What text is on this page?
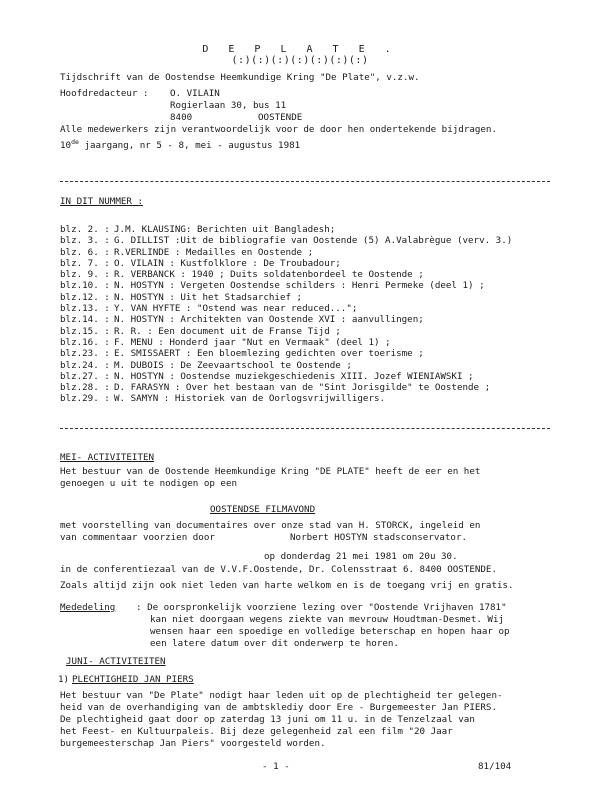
D E P L A T E .
(:)(:)(:)(:)(:)(:)(:)
Tijdschrift van de Oostendse Heemkundige Kring "De Plate", v.z.w.
Hoofdredacteur : O. VILAIN
Rogierlaan 30, bus 11
8400	OOSTENDE
Alle medewerkers zijn verantwoordelijk voor de door hen ondertekende bijdragen.
10de jaargang, nr 5 - 8, mei - augustus 1981
IN DIT NUMMER :
blz. 2. : J.M. KLAUSING: Berichten uit Bangladesh;
blz. 3. : G. DILLIST :Uit de bibliografie van Oostende (5) A.Valabrègue (verv. 3.)
blz. 6. : R.VERLINDE : Medailles en Oostende ;
blz. 7. : O. VILAIN : Kustfolklore : De Troubadour;
blz. 9. : R. VERBANCK : 1940 ; Duits soldatenbordeel te Oostende ;
blz.10. : N. HOSTYN : Vergeten Oostendse schilders : Henri Permeke (deel 1) ;
blz.12. : N. HOSTYN : Uit het Stadsarchief ;
blz.13. : Y. VAN HYFTE : "Ostend was near reduced...";
blz.14. : N. HOSTYN : Architekten van Oostende XVI : aanvullingen;
blz.15. : R. R. : Een document uit de Franse Tijd ;
blz.16. : F. MENU : Honderd jaar "Nut en Vermaak" (deel 1) ;
blz.23. : E. SMISSAERT : Een bloemlezing gedichten over toerisme ;
blz.24. : M. DUBOIS : De Zeevaartschool te Oostende ;
blz.27. : N. HOSTYN : Oostendse muziekgeschiedenis XIII. Jozef WIENIAWSKI ;
blz.28. : D. FARASYN : Over het bestaan van de "Sint Jorisgilde" te Oostende ;
blz.29. : W. SAMYN : Historiek van de Oorlogsvrijwilligers.
MEI- ACTIVITEITEN
Het bestuur van de Oostende Heemkundige Kring "DE PLATE" heeft de eer en het
genoegen u uit te nodigen op een
OOSTENDSE FILMAVOND
met voorstelling van documentaires over onze stad van H. STORCK, ingeleid en
van commentaar voorzien door	Norbert HOSTYN stadsconservator.
op donderdag 21 mei 1981 om 20u 30.
in de conferentiezaal van de V.V.F.Oostende, Dr. Colensstraat 6. 8400 OOSTENDE.
Zoals altijd zijn ook niet leden van harte welkom en is de toegang vrij en gratis.
Mededeling : De oorspronkelijk voorziene lezing over "Oostende Vrijhaven 1781"
kan niet doorgaan wegens ziekte van mevrouw Houdtman-Desmet. Wij
wensen haar een spoedige en volledige beterschap en hopen haar op
een latere datum over dit onderwerp te horen.
JUNI- ACTIVITEITEN
1) PLECHTIGHEID JAN PIERS
Het bestuur van "De Plate" nodigt haar leden uit op de plechtigheid ter gelegen-
heid van de overhandiging van de ambtsklediy door Ere - Burgemeester Jan PIERS.
De plechtigheid gaat door op zaterdag 13 juni om 11 u. in de Tenzelzaal van
het Feest- en Kultuurpaleis. Bij deze gelegenheid zal een film "20 Jaar
burgemeesterschap Jan Piers" voorgesteld worden.
- 1 -	81/104
